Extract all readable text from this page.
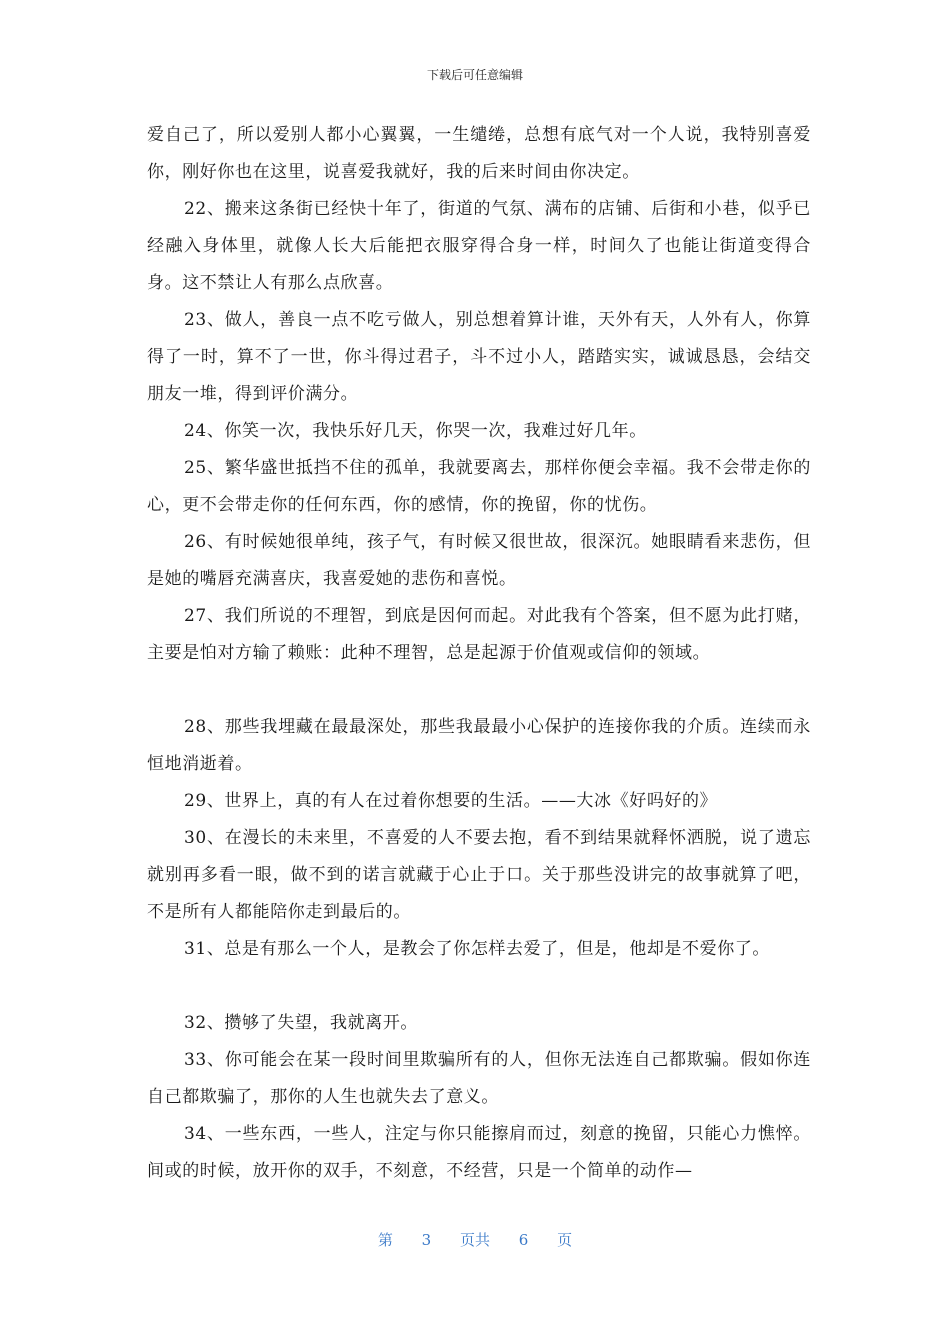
下载后可任意编辑

爱自己了，所以爱别人都小心翼翼，一生缱绻，总想有底气对一个人说，我特别喜爱你，刚好你也在这里，说喜爱我就好，我的后来时间由你决定。

22、搬来这条街已经快十年了，街道的气氛、满布的店铺、后街和小巷，似乎已经融入身体里，就像人长大后能把衣服穿得合身一样，时间久了也能让街道变得合身。这不禁让人有那么点欣喜。

23、做人，善良一点不吃亏做人，别总想着算计谁，天外有天，人外有人，你算得了一时，算不了一世，你斗得过君子，斗不过小人，踏踏实实，诚诚恳恳，会结交朋友一堆，得到评价满分。

24、你笑一次，我快乐好几天，你哭一次，我难过好几年。

25、繁华盛世抵挡不住的孤单，我就要离去，那样你便会幸福。我不会带走你的心，更不会带走你的任何东西，你的感情，你的挽留，你的忧伤。

26、有时候她很单纯，孩子气，有时候又很世故，很深沉。她眼睛看来悲伤，但是她的嘴唇充满喜庆，我喜爱她的悲伤和喜悦。

27、我们所说的不理智，到底是因何而起。对此我有个答案，但不愿为此打赌，主要是怕对方输了赖账：此种不理智，总是起源于价值观或信仰的领域。

28、那些我埋藏在最最深处，那些我最最小心保护的连接你我的介质。连续而永恒地消逝着。

29、世界上，真的有人在过着你想要的生活。——大冰《好吗好的》

30、在漫长的未来里，不喜爱的人不要去抱，看不到结果就释怀洒脱，说了遗忘就别再多看一眼，做不到的诺言就藏于心止于口。关于那些没讲完的故事就算了吧，不是所有人都能陪你走到最后的。

31、总是有那么一个人，是教会了你怎样去爱了，但是，他却是不爱你了。

32、攒够了失望，我就离开。

33、你可能会在某一段时间里欺骗所有的人，但你无法连自己都欺骗。假如你连自己都欺骗了，那你的人生也就失去了意义。

34、一些东西，一些人，注定与你只能擦肩而过，刻意的挽留，只能心力憔悴。间或的时候，放开你的双手，不刻意，不经营，只是一个简单的动作—

第 3 页共 6 页
